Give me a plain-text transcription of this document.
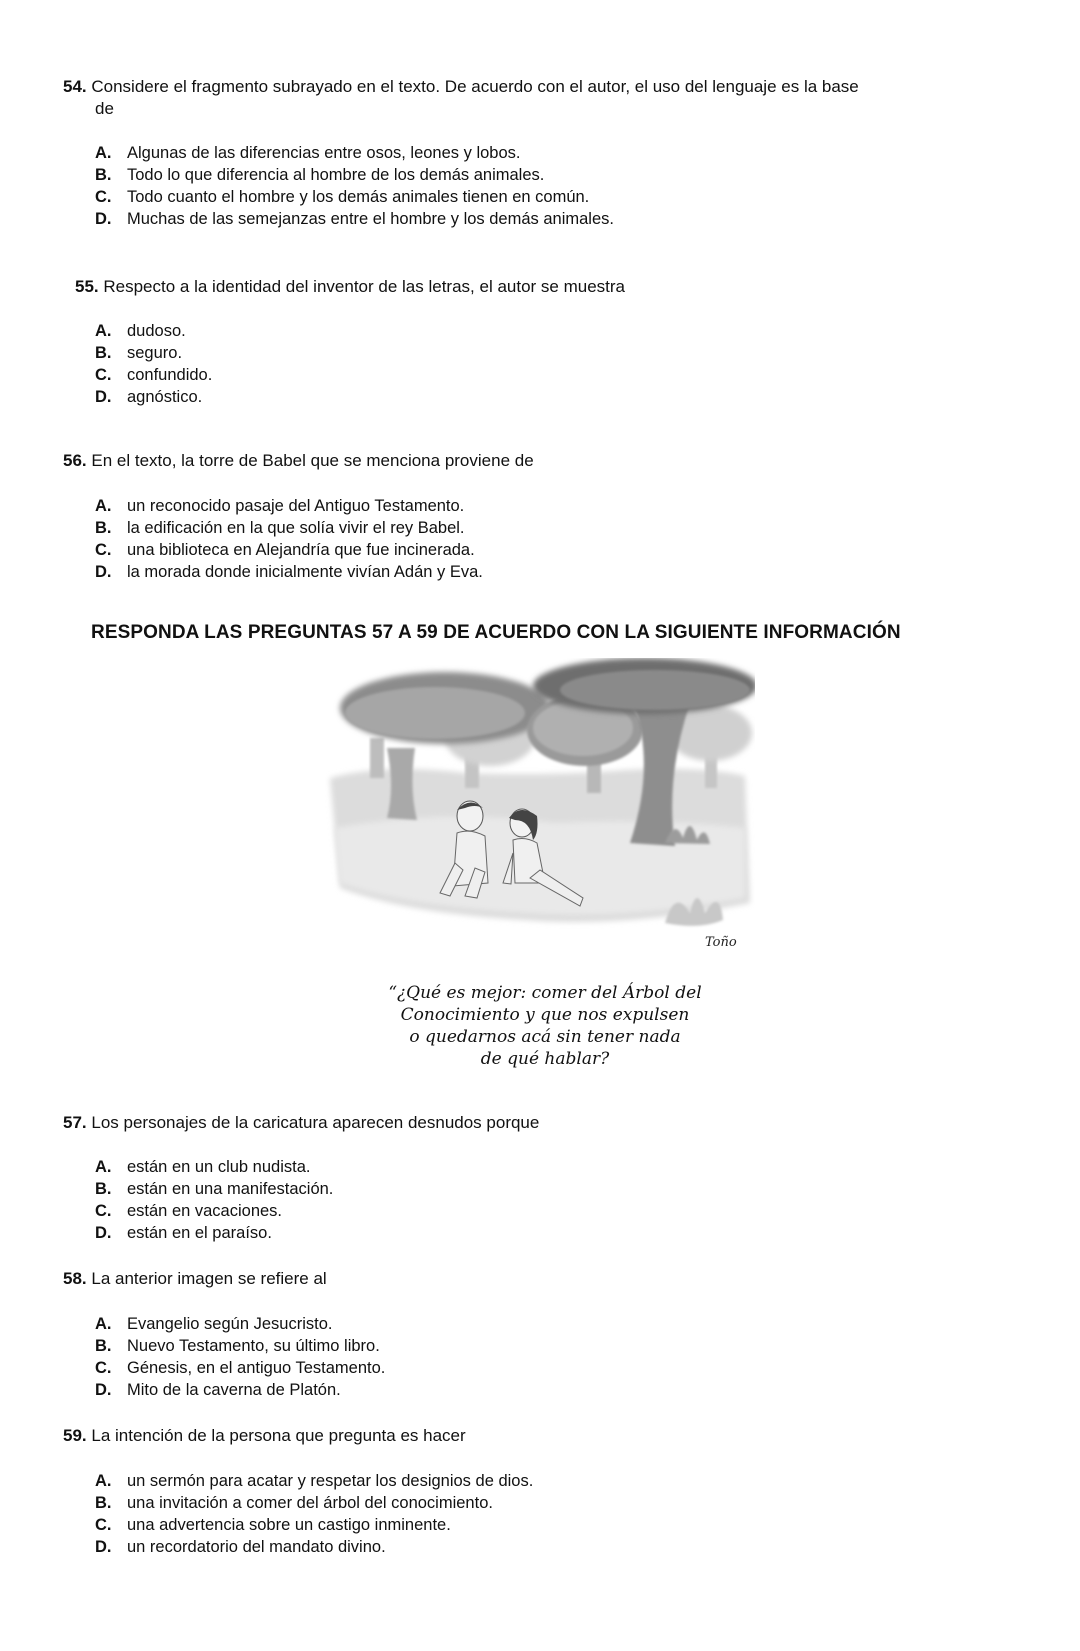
54. Considere el fragmento subrayado en el texto. De acuerdo con el autor, el uso del lenguaje es la base
de
A. Algunas de las diferencias entre osos, leones y lobos.
B. Todo lo que diferencia al hombre de los demás animales.
C. Todo cuanto el hombre y los demás animales tienen en común.
D. Muchas de las semejanzas entre el hombre y los demás animales.
55. Respecto a la identidad del inventor de las letras, el autor se muestra
A. dudoso.
B. seguro.
C. confundido.
D. agnóstico.
56. En el texto, la torre de Babel que se menciona proviene de
A. un reconocido pasaje del Antiguo Testamento.
B. la edificación en la que solía vivir el rey Babel.
C. una biblioteca en Alejandría que fue incinerada.
D. la morada donde inicialmente vivían Adán y Eva.
RESPONDA LAS PREGUNTAS 57 A 59 DE ACUERDO CON LA SIGUIENTE INFORMACIÓN
Toño
“¿Qué es mejor: comer del Árbol del
Conocimiento y que nos expulsen
o quedarnos acá sin tener nada
de qué hablar?
57. Los personajes de la caricatura aparecen desnudos porque
A. están en un club nudista.
B. están en una manifestación.
C. están en vacaciones.
D. están en el paraíso.
58. La anterior imagen se refiere al
A. Evangelio según Jesucristo.
B. Nuevo Testamento, su último libro.
C. Génesis, en el antiguo Testamento.
D. Mito de la caverna de Platón.
59. La intención de la persona que pregunta es hacer
A. un sermón para acatar y respetar los designios de dios.
B. una invitación a comer del árbol del conocimiento.
C. una advertencia sobre un castigo inminente.
D. un recordatorio del mandato divino.
